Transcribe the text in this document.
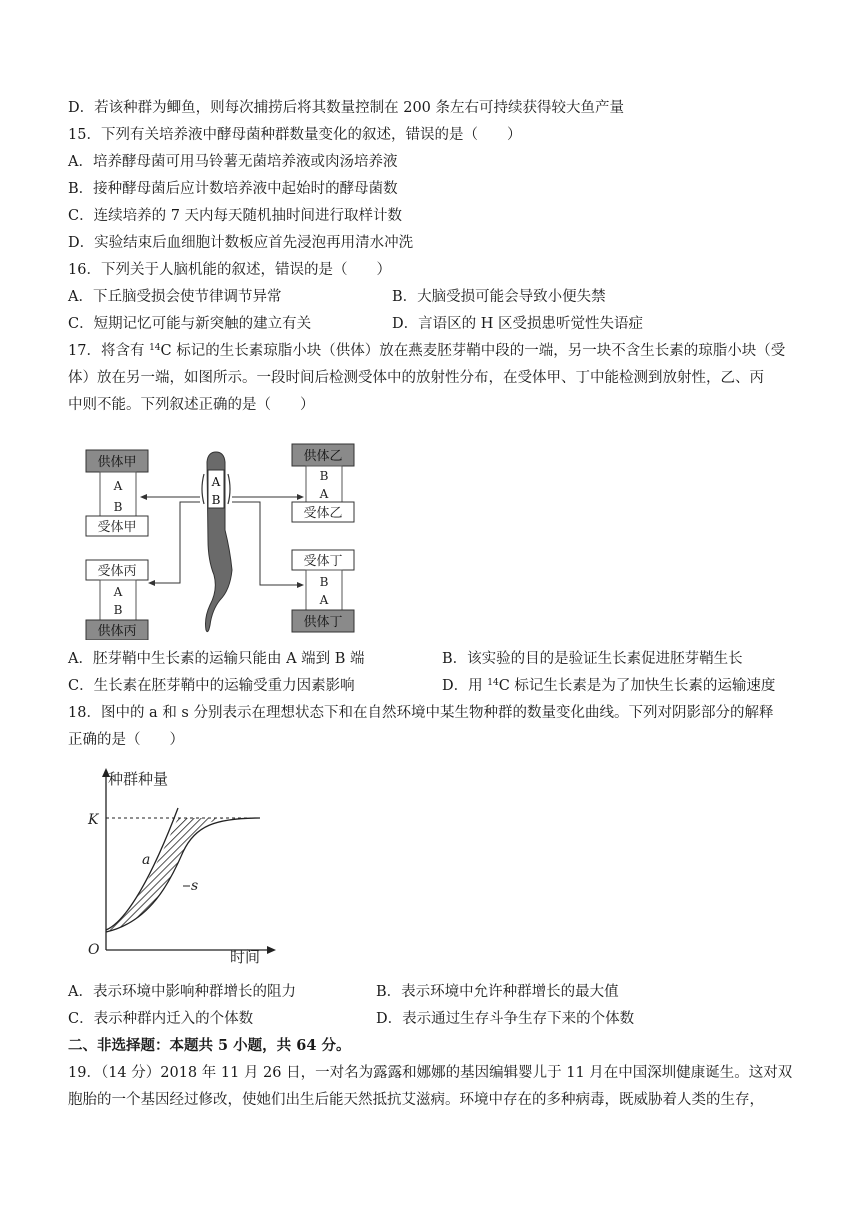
D．若该种群为鲫鱼，则每次捕捞后将其数量控制在 200 条左右可持续获得较大鱼产量
15．下列有关培养液中酵母菌种群数量变化的叙述，错误的是（　　）
A．培养酵母菌可用马铃薯无菌培养液或肉汤培养液
B．接种酵母菌后应计数培养液中起始时的酵母菌数
C．连续培养的 7 天内每天随机抽时间进行取样计数
D．实验结束后血细胞计数板应首先浸泡再用清水冲洗
16．下列关于人脑机能的叙述，错误的是（　　）
A．下丘脑受损会使节律调节异常	B．大脑受损可能会导致小便失禁
C．短期记忆可能与新突触的建立有关	D．言语区的 H 区受损患听觉性失语症
17．将含有 $^{14}$C 标记的生长素琼脂小块（供体）放在燕麦胚芽鞘中段的一端，另一块不含生长素的琼脂小块（受
体）放在另一端，如图所示。一段时间后检测受体中的放射性分布，在受体甲、丁中能检测到放射性，乙、丙
中则不能。下列叙述正确的是（　　）
供体甲
A
B
受体甲
受体丙
A
B
供体丙
A
B
供体乙
B
A
受体乙
受体丁
B
A
供体丁
A．胚芽鞘中生长素的运输只能由 A 端到 B 端	B．该实验的目的是验证生长素促进胚芽鞘生长
C．生长素在胚芽鞘中的运输受重力因素影响	D．用 $^{14}$C 标记生长素是为了加快生长素的运输速度
18．图中的 a 和 s 分别表示在理想状态下和在自然环境中某生物种群的数量变化曲线。下列对阴影部分的解释
正确的是（　　）
种群种量
时间
K
O
a
s
A．表示环境中影响种群增长的阻力	B．表示环境中允许种群增长的最大值
C．表示种群内迁入的个体数	D．表示通过生存斗争生存下来的个体数
二、非选择题：本题共 5 小题，共 64 分。
19．（14 分）2018 年 11 月 26 日，一对名为露露和娜娜的基因编辑婴儿于 11 月在中国深圳健康诞生。这对双
胞胎的一个基因经过修改，使她们出生后能天然抵抗艾滋病。环境中存在的多种病毒，既威胁着人类的生存，
